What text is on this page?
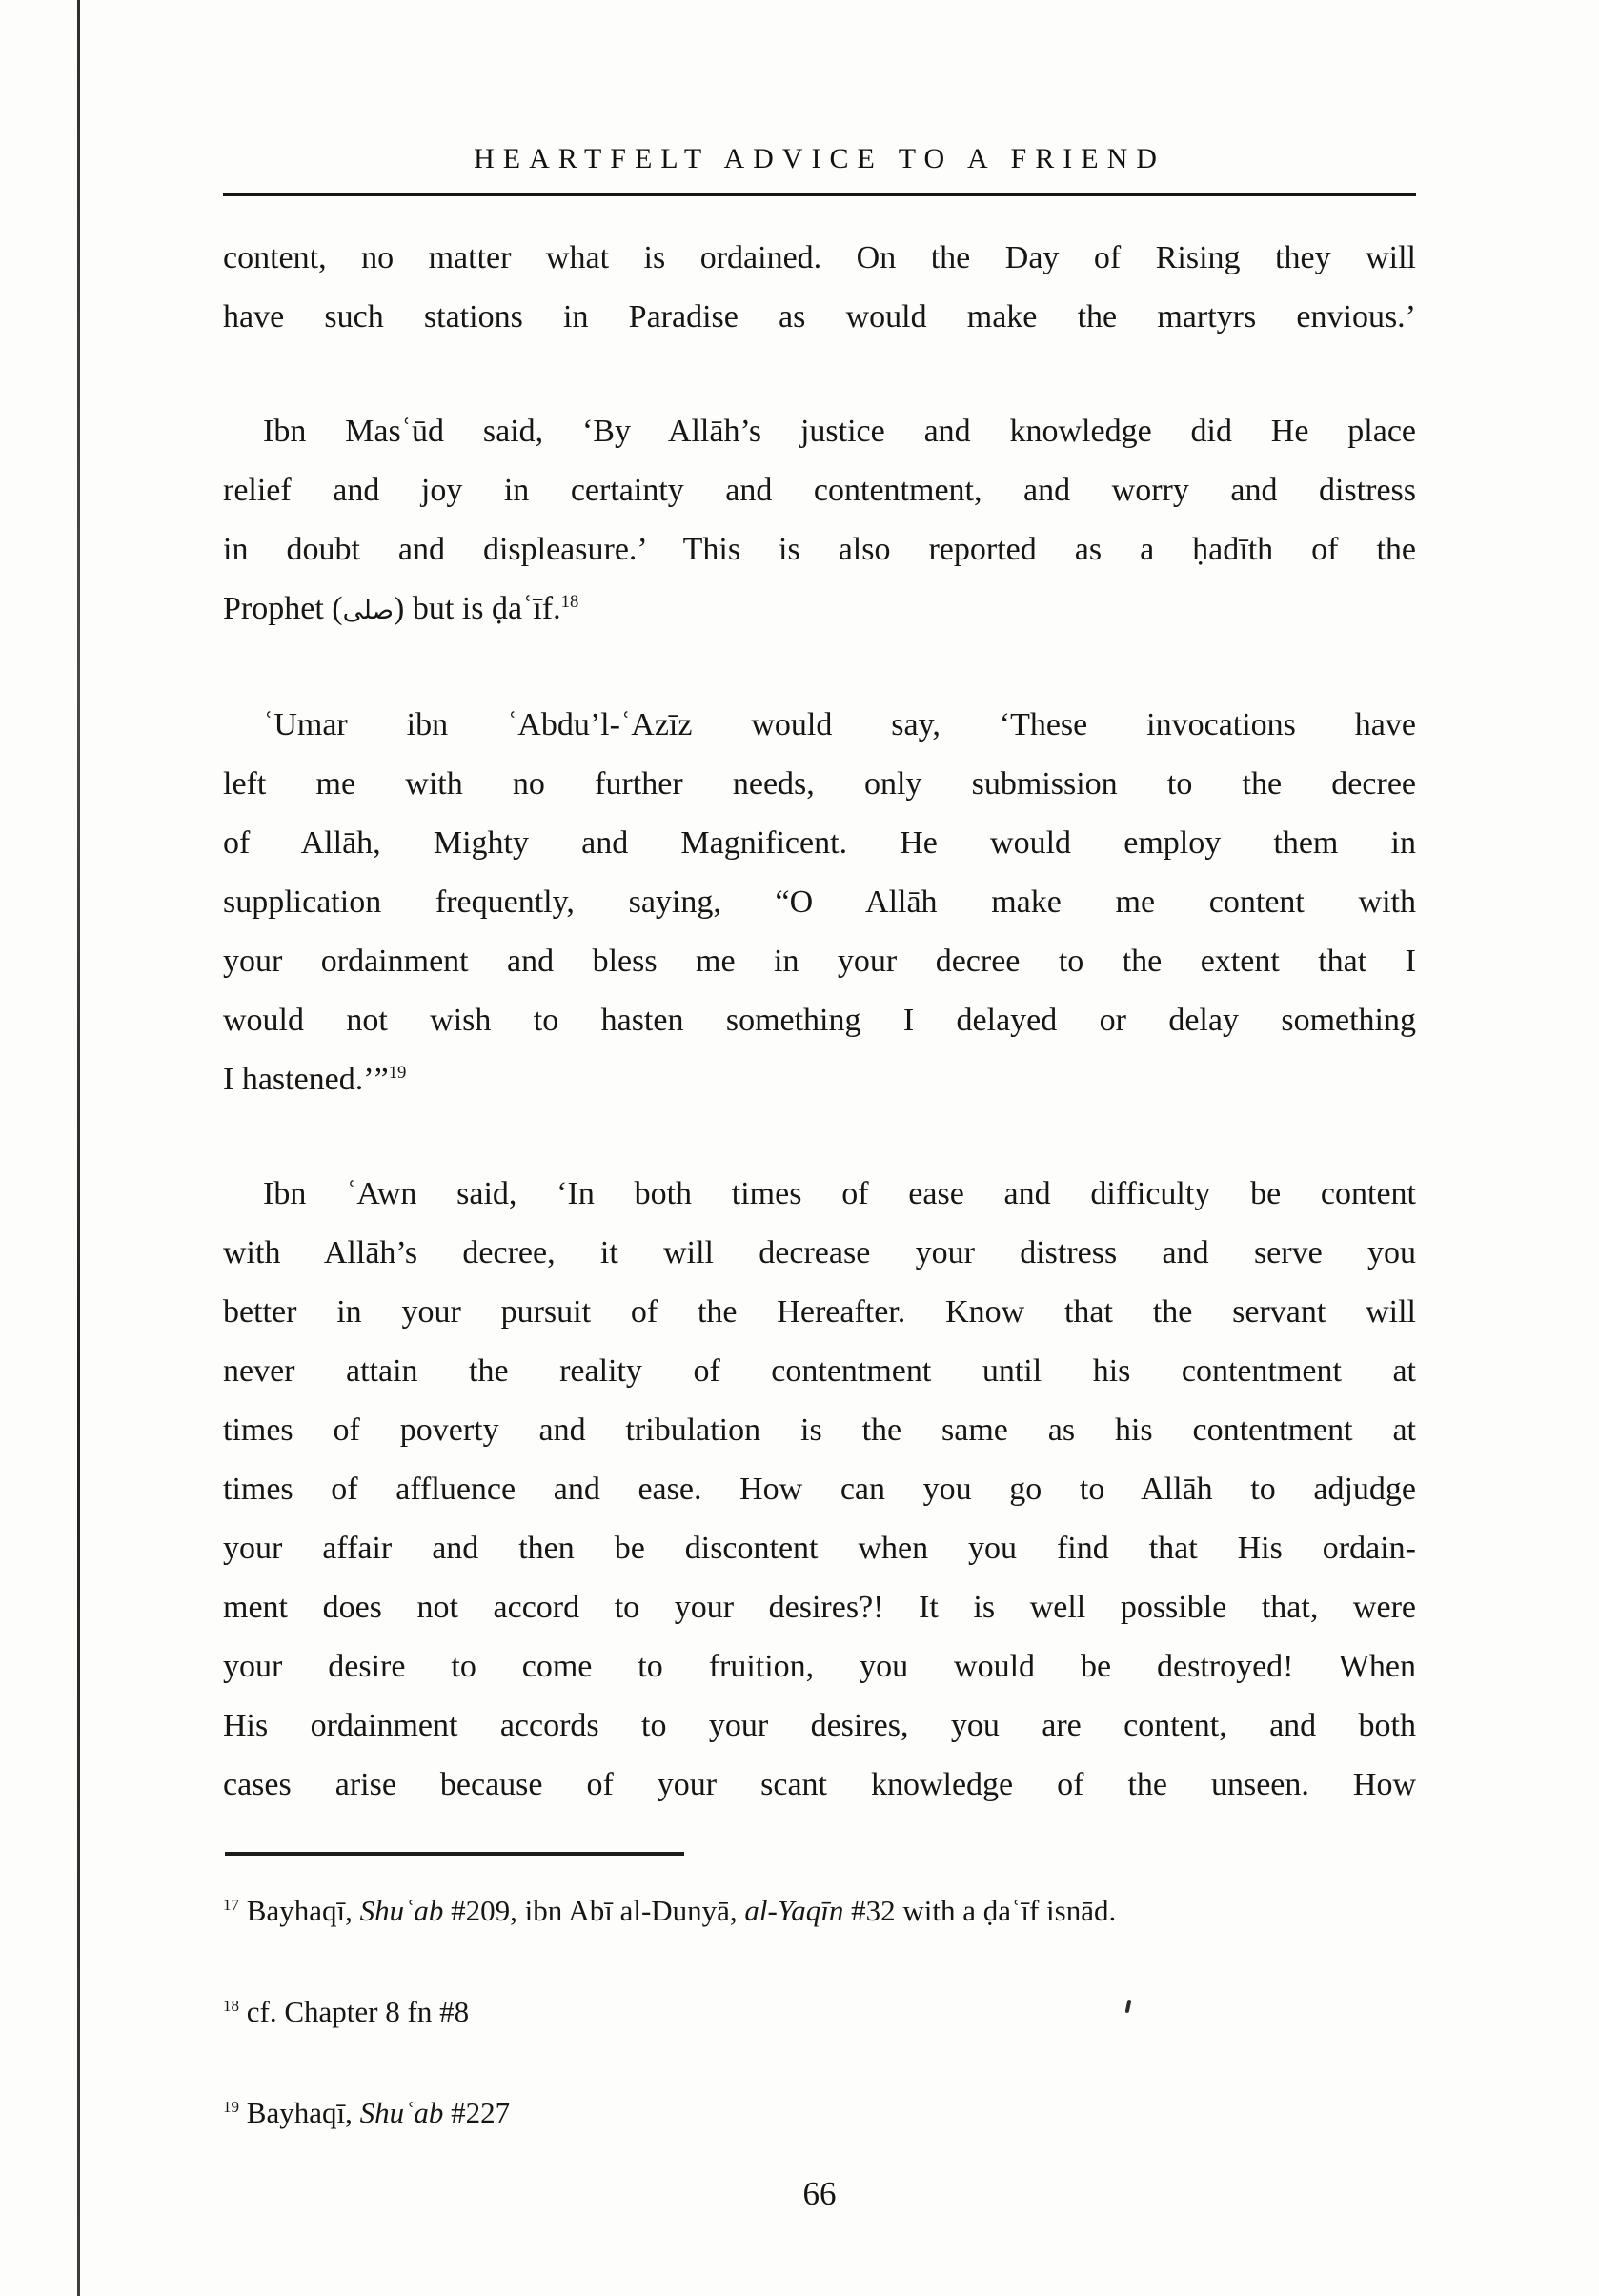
HEARTFELT ADVICE TO A FRIEND
content, no matter what is ordained. On the Day of Rising they will
have such stations in Paradise as would make the martyrs envious.’
Ibn Masʿūd said, ‘By Allāh’s justice and knowledge did He place
relief and joy in certainty and contentment, and worry and distress
in doubt and displeasure.’ This is also reported as a ḥadīth of the
Prophet (صلى) but is ḍaʿīf.$^{18}$
ʿUmar ibn ʿAbdu’l-ʿAzīz would say, ‘These invocations have
left me with no further needs, only submission to the decree
of Allāh, Mighty and Magnificent. He would employ them in
supplication frequently, saying, “O Allāh make me content with
your ordainment and bless me in your decree to the extent that I
would not wish to hasten something I delayed or delay something
I hastened.’”$^{19}$
Ibn ʿAwn said, ‘In both times of ease and difficulty be content
with Allāh’s decree, it will decrease your distress and serve you
better in your pursuit of the Hereafter. Know that the servant will
never attain the reality of contentment until his contentment at
times of poverty and tribulation is the same as his contentment at
times of affluence and ease. How can you go to Allāh to adjudge
your affair and then be discontent when you find that His ordain-
ment does not accord to your desires?! It is well possible that, were
your desire to come to fruition, you would be destroyed! When
His ordainment accords to your desires, you are content, and both
cases arise because of your scant knowledge of the unseen. How
$^{17}$ Bayhaqī, Shuʿab #209, ibn Abī al-Dunyā, al-Yaqīn #32 with a ḍaʿīf isnād.
$^{18}$ cf. Chapter 8 fn #8
$^{19}$ Bayhaqī, Shuʿab #227
66
